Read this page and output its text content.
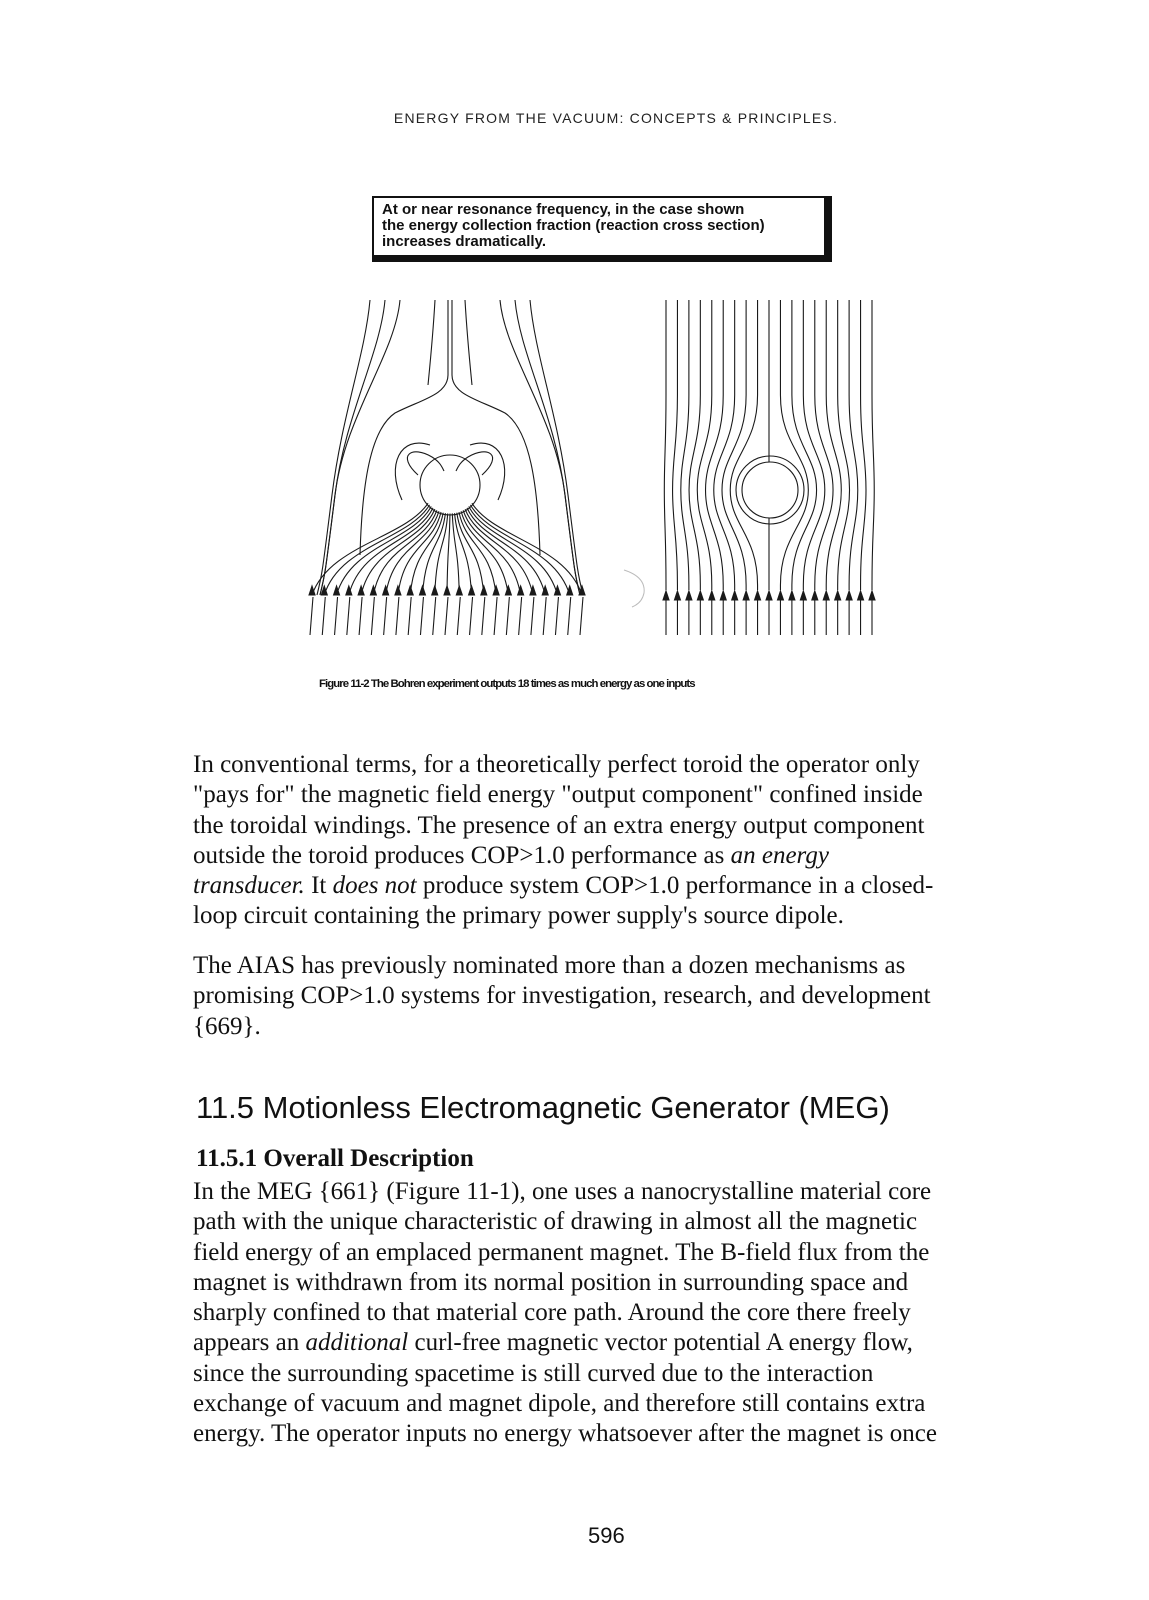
ENERGY FROM THE VACUUM: CONCEPTS & PRINCIPLES.
At or near resonance frequency, in the case shown
the energy collection fraction (reaction cross section)
increases dramatically.
Figure 11-2 The Bohren experiment outputs 18 times as much energy as one inputs
In conventional terms, for a theoretically perfect toroid the operator only
"pays for" the magnetic field energy "output component" confined inside
the toroidal windings. The presence of an extra energy output component
outside the toroid produces COP>1.0 performance as an energy
transducer. It does not produce system COP>1.0 performance in a closed-
loop circuit containing the primary power supply's source dipole.
The AIAS has previously nominated more than a dozen mechanisms as
promising COP>1.0 systems for investigation, research, and development
{669}.
11.5 Motionless Electromagnetic Generator (MEG)
11.5.1 Overall Description
In the MEG {661} (Figure 11-1), one uses a nanocrystalline material core
path with the unique characteristic of drawing in almost all the magnetic
field energy of an emplaced permanent magnet. The B-field flux from the
magnet is withdrawn from its normal position in surrounding space and
sharply confined to that material core path. Around the core there freely
appears an additional curl-free magnetic vector potential A energy flow,
since the surrounding spacetime is still curved due to the interaction
exchange of vacuum and magnet dipole, and therefore still contains extra
energy. The operator inputs no energy whatsoever after the magnet is once
596
